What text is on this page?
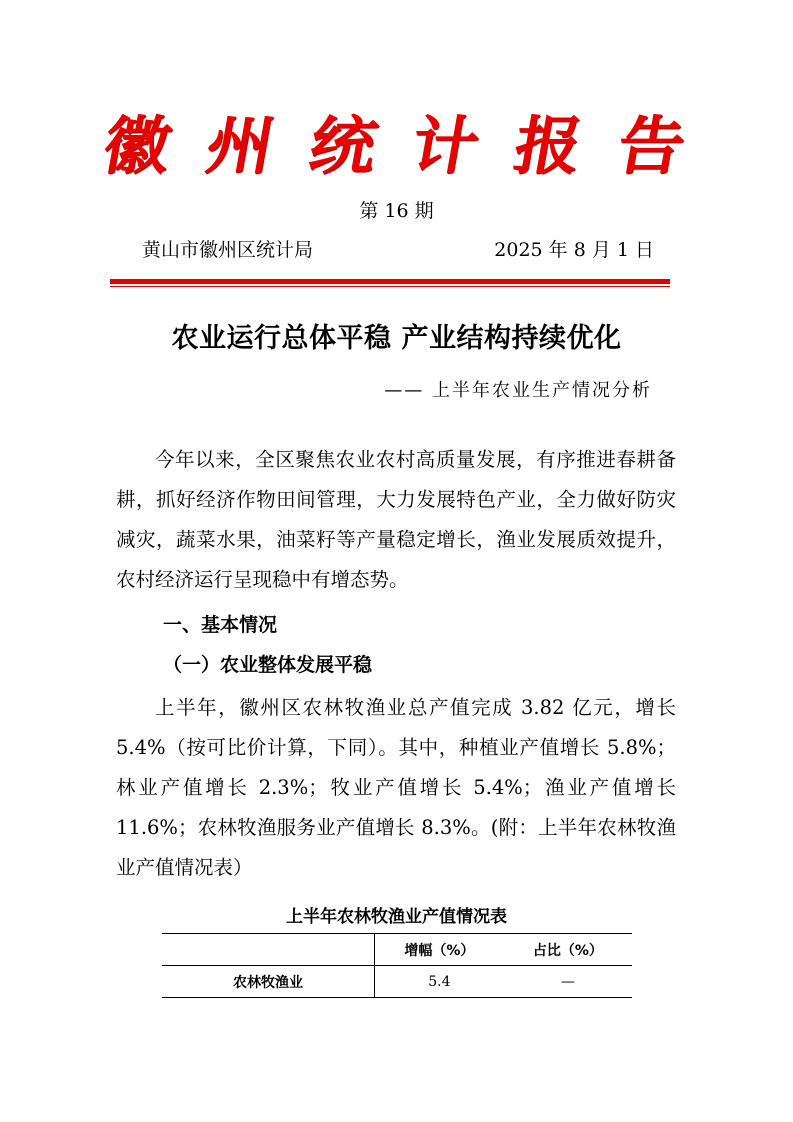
徽 州 统 计 报 告
第 16 期
黄山市徽州区统计局	2025 年 8 月 1 日
农业运行总体平稳 产业结构持续优化
—— 上半年农业生产情况分析

今年以来，全区聚焦农业农村高质量发展，有序推进春耕备耕，抓好经济作物田间管理，大力发展特色产业，全力做好防灾减灾，蔬菜水果，油菜籽等产量稳定增长，渔业发展质效提升，农村经济运行呈现稳中有增态势。

一、基本情况
（一）农业整体发展平稳

上半年，徽州区农林牧渔业总产值完成 3.82 亿元，增长 5.4%（按可比价计算，下同）。其中，种植业产值增长 5.8%；林业产值增长 2.3%；牧业产值增长 5.4%；渔业产值增长 11.6%；农林牧渔服务业产值增长 8.3%。(附：上半年农林牧渔业产值情况表）

上半年农林牧渔业产值情况表
	增幅（%）	占比（%）
农林牧渔业	5.4	—
